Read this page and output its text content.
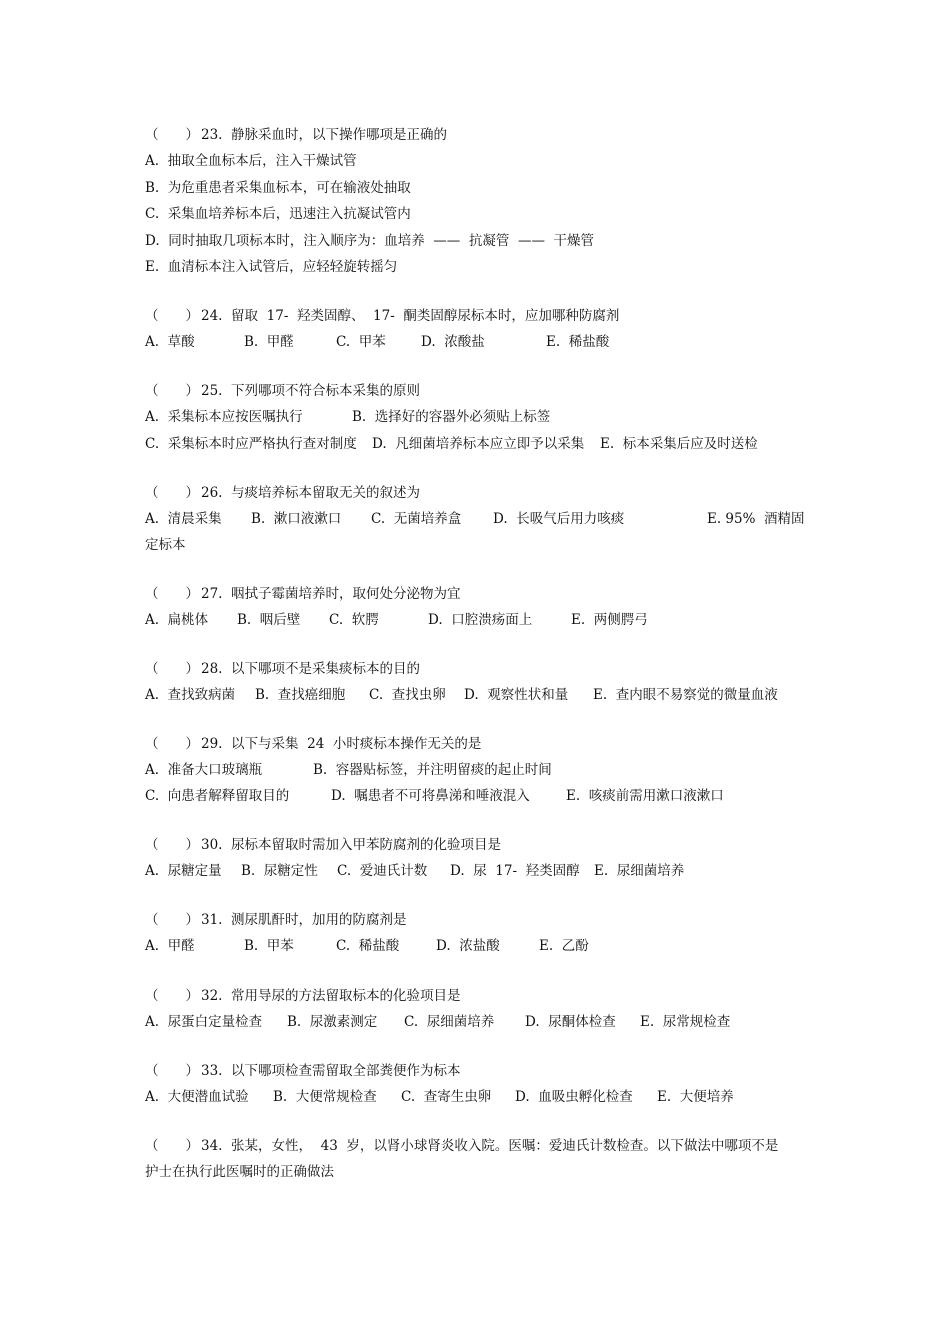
（　　） 23.  静脉采血时，以下操作哪项是正确的
A.  抽取全血标本后，注入干燥试管
B.  为危重患者采集血标本，可在输液处抽取
C.  采集血培养标本后，迅速注入抗凝试管内
D.  同时抽取几项标本时，注入顺序为：血培养  ——  抗凝管  ——  干燥管
E.  血清标本注入试管后，应轻轻旋转摇匀
（　　） 24.  留取  17-  羟类固醇、  17-  酮类固醇尿标本时，应加哪种防腐剂
A.  草酸	B.  甲醛	C.  甲苯	D.  浓酸盐	E.  稀盐酸
（　　） 25.  下列哪项不符合标本采集的原则
A.  采集标本应按医嘱执行	B.  选择好的容器外必须贴上标签
C.  采集标本时应严格执行查对制度 D.  凡细菌培养标本应立即予以采集 E.  标本采集后应及时送检
（　　） 26.  与痰培养标本留取无关的叙述为
A.  清晨采集 B.  漱口液漱口 C.  无菌培养盒 D.  长吸气后用力咳痰	E. 95%  酒精固
定标本
（　　） 27.  咽拭子霉菌培养时，取何处分泌物为宜
A.  扁桃体 B.  咽后壁 C.  软腭	D.  口腔溃疡面上	E.  两侧腭弓
（　　） 28.  以下哪项不是采集痰标本的目的
A.  查找致病菌 B.  查找癌细胞 C.  查找虫卵 D.  观察性状和量 E.  查内眼不易察觉的微量血液
（　　） 29.  以下与采集  24  小时痰标本操作无关的是
A.  准备大口玻璃瓶	B.  容器贴标签，并注明留痰的起止时间
C.  向患者解释留取目的	D.  嘱患者不可将鼻涕和唾液混入	E.  咳痰前需用漱口液漱口
（　　） 30.  尿标本留取时需加入甲苯防腐剂的化验项目是
A.  尿糖定量 B.  尿糖定性 C.  爱迪氏计数 D.  尿  17-  羟类固醇 E.  尿细菌培养
（　　） 31.  测尿肌酐时，加用的防腐剂是
A.  甲醛	B.  甲苯	C.  稀盐酸	D.  浓盐酸	E.  乙酚
（　　） 32.  常用导尿的方法留取标本的化验项目是
A.  尿蛋白定量检查 B.  尿激素测定 C.  尿细菌培养 D.  尿酮体检查 E.  尿常规检查
（　　） 33.  以下哪项检查需留取全部粪便作为标本
A.  大便潜血试验 B.  大便常规检查 C.  查寄生虫卵 D.  血吸虫孵化检查 E.  大便培养
（　　） 34.  张某，女性，  43  岁，以肾小球肾炎收入院。医嘱：爱迪氏计数检查。以下做法中哪项不是
护士在执行此医嘱时的正确做法
